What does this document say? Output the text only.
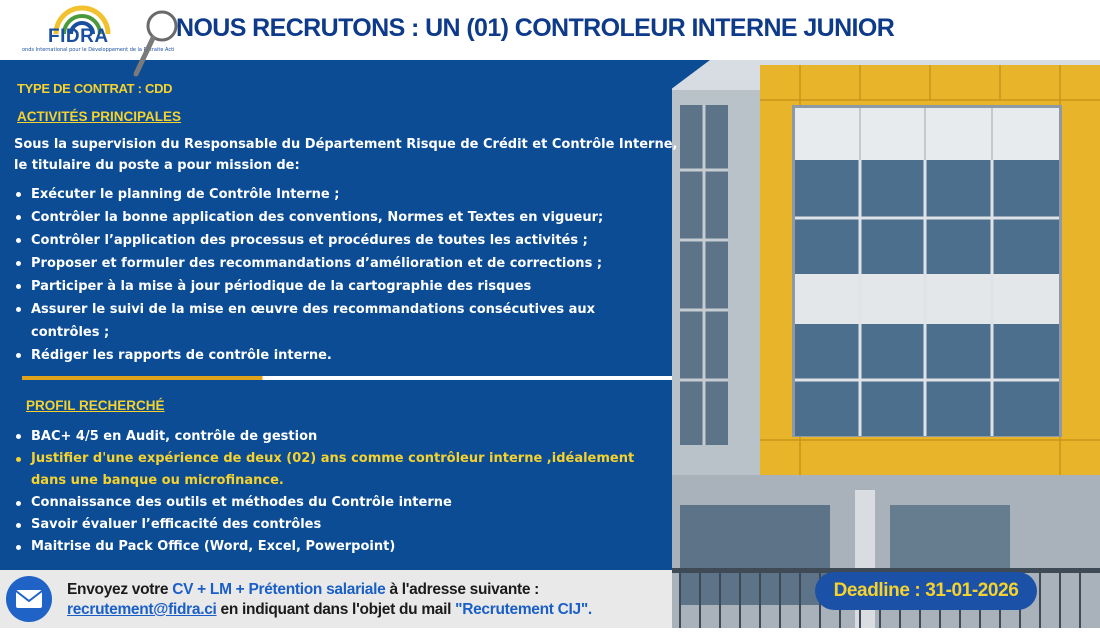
FIDRA
onds International pour le Développement de la Retraite Acti
NOUS RECRUTONS : UN (01) CONTROLEUR INTERNE JUNIOR
TYPE DE CONTRAT : CDD
ACTIVITÉS PRINCIPALES
Sous la supervision du Responsable du Département Risque de Crédit et Contrôle Interne,
le titulaire du poste a pour mission de:
Exécuter le planning de Contrôle Interne ;
Contrôler la bonne application des conventions, Normes et Textes en vigueur;
Contrôler l’application des processus et procédures de toutes les activités ;
Proposer et formuler des recommandations d’amélioration et de corrections ;
Participer à la mise à jour périodique de la cartographie des risques
Assurer le suivi de la mise en œuvre des recommandations consécutives aux
contrôles ;
Rédiger les rapports de contrôle interne.
PROFIL RECHERCHÉ
BAC+ 4/5 en Audit, contrôle de gestion
Justifier d'une expérience de deux (02) ans comme contrôleur interne ,idéalement
dans une banque ou microfinance.
Connaissance des outils et méthodes du Contrôle interne
Savoir évaluer l’efficacité des contrôles
Maitrise du Pack Office (Word, Excel, Powerpoint)
Envoyez votre CV + LM + Prétention salariale à l'adresse suivante :
recrutement@fidra.ci en indiquant dans l'objet du mail "Recrutement CIJ".
Deadline : 31-01-2026
